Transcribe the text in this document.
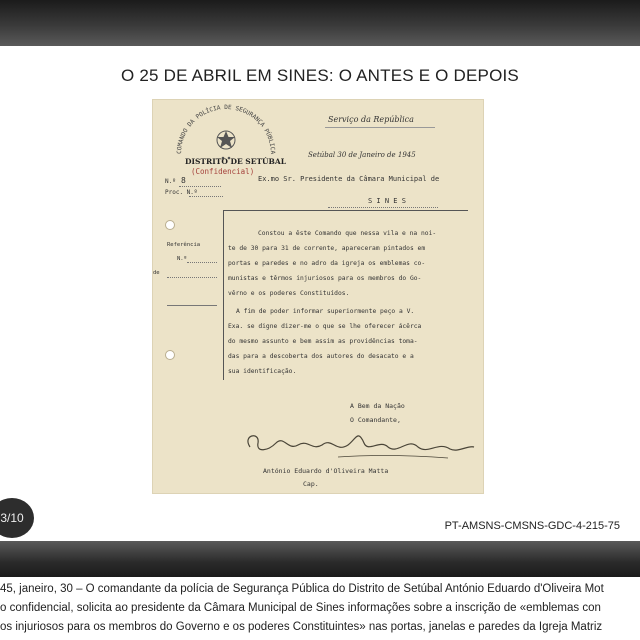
O 25 DE ABRIL EM SINES: O ANTES E O DEPOIS
COMANDO DA POLÍCIA DE SEGURANÇA PÚBLICA
DISTRITO DE SETÚBAL
(Confidencial)
N.º 8
Proc. N.º
Serviço da República
Setúbal 30 de Janeiro de 1945
Ex.mo Sr. Presidente da Câmara Municipal de
S I N E S
Referência
N.º
de
Constou a êste Comando que nessa vila e na noi-
te de 30 para 31 de corrente, apareceram pintados em
portas e paredes e no adro da igreja os emblemas co-
munistas e têrmos injuriosos para os membros do Go-
vêrno e os poderes Constituídos.
A fim de poder informar superiormente peço a V.
Exa. se digne dizer-me o que se lhe oferecer ácêrca
do mesmo assunto e bem assim as providências toma-
das para a descoberta dos autores do desacato e a
sua identificação.
A Bem da Nação
O Comandante,
António Eduardo d'Oliveira Matta
Cap.
3/10
PT-AMSNS-CMSNS-GDC-4-215-75
45, janeiro, 30 – O comandante da polícia de Segurança Pública do Distrito de Setúbal António Eduardo d'Oliveira Mot
o confidencial, solicita ao presidente da Câmara Municipal de Sines informações sobre a inscrição de «emblemas con
os injuriosos para os membros do Governo e os poderes Constituintes» nas portas, janelas e paredes da Igreja Matriz
